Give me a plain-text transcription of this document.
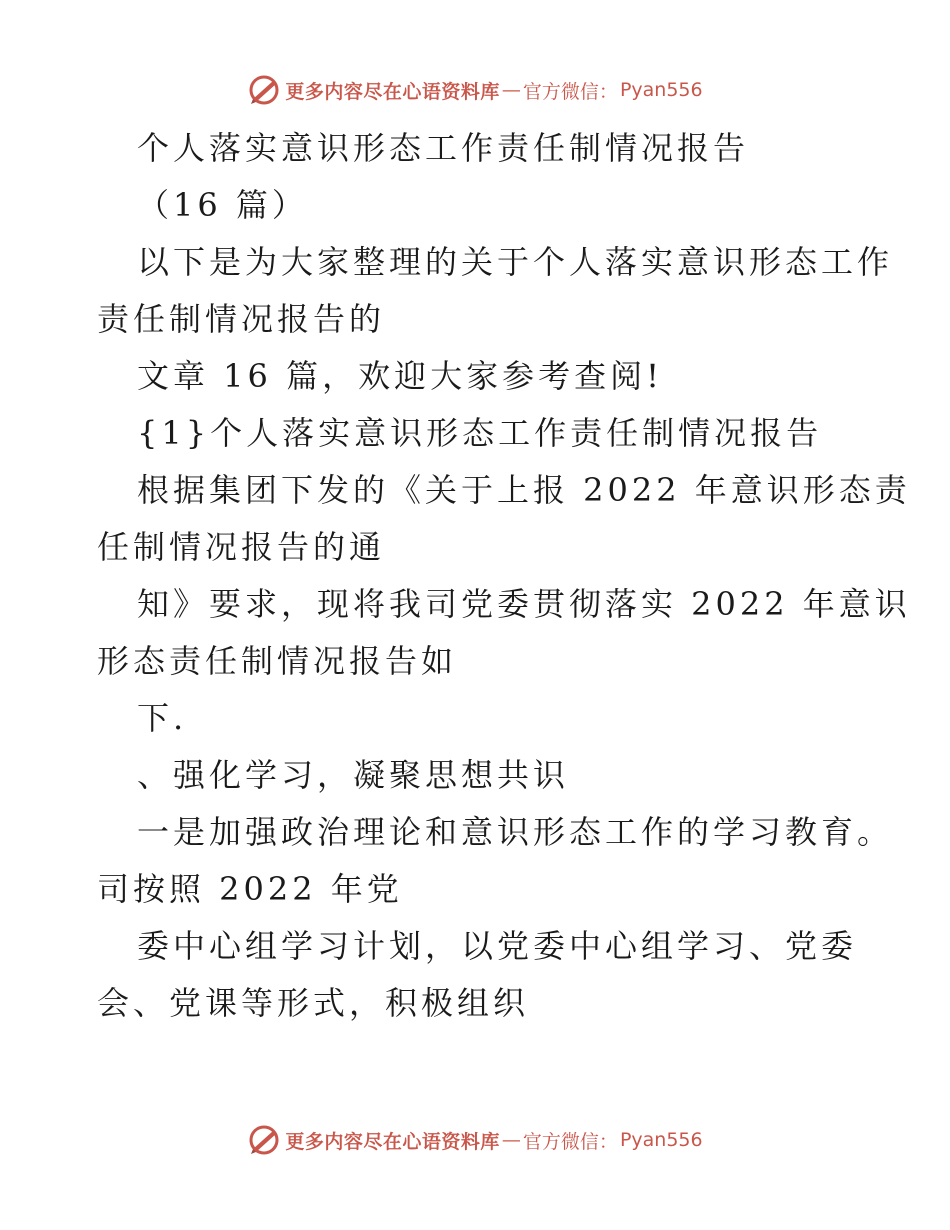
更多内容尽在心语资料库 — 官方微信： Pyan556
个人落实意识形态工作责任制情况报告
（16 篇）
以下是为大家整理的关于个人落实意识形态工作
责任制情况报告的
文章 16 篇，欢迎大家参考查阅!
{1}个人落实意识形态工作责任制情况报告
根据集团下发的《关于上报 2022 年意识形态责
任制情况报告的通
知》要求，现将我司党委贯彻落实 2022 年意识
形态责任制情况报告如
下.
、强化学习，凝聚思想共识
一是加强政治理论和意识形态工作的学习教育。
司按照 2022 年党
委中心组学习计划，以党委中心组学习、党委
会、党课等形式，积极组织
更多内容尽在心语资料库 — 官方微信： Pyan556
